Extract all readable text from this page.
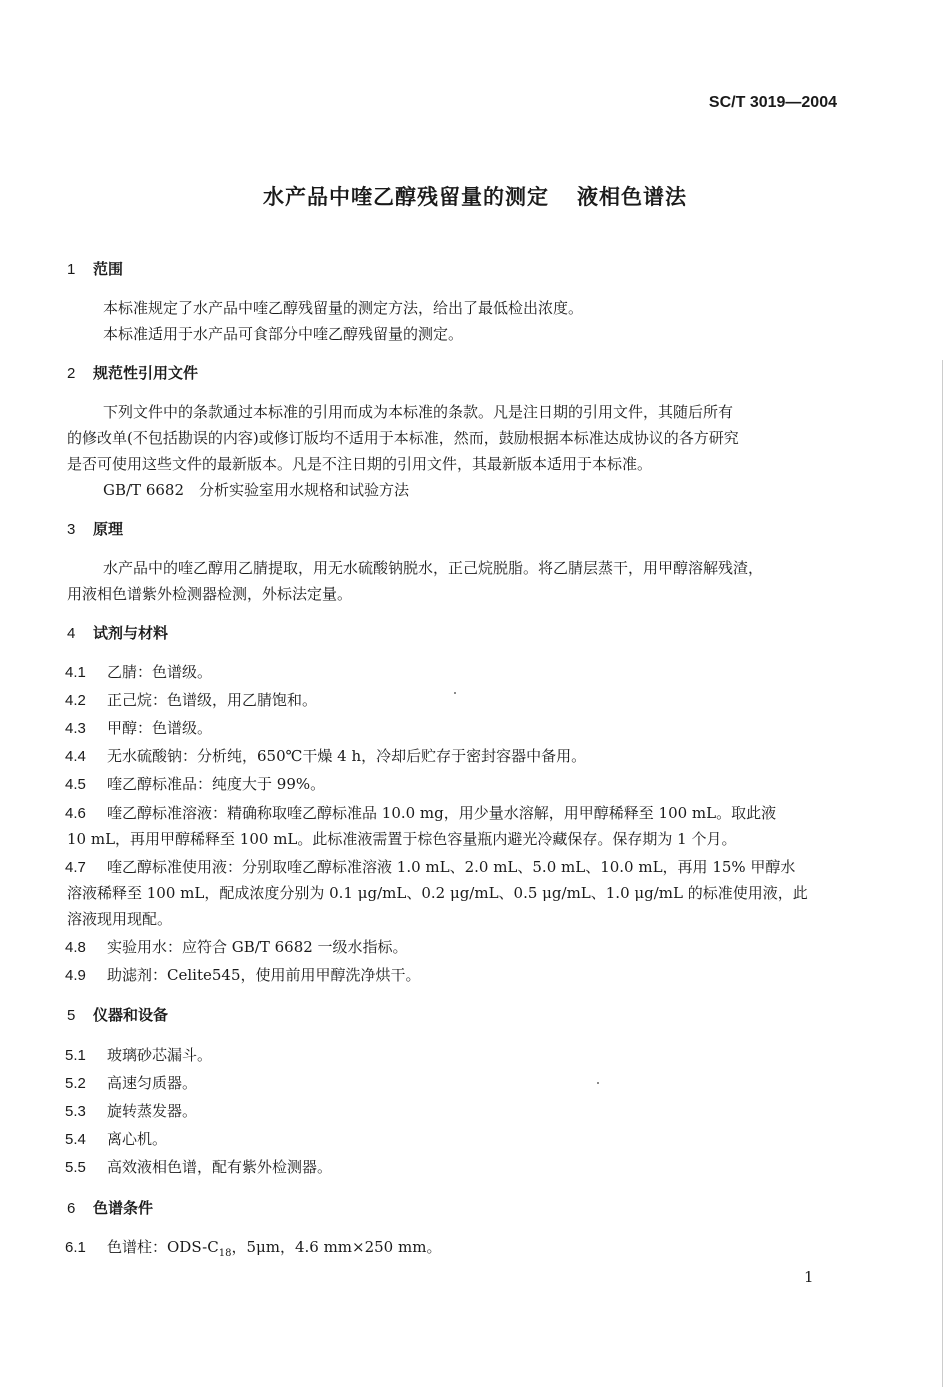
SC/T 3019—2004
水产品中喹乙醇残留量的测定 液相色谱法
1 范围
本标准规定了水产品中喹乙醇残留量的测定方法，给出了最低检出浓度。
本标准适用于水产品可食部分中喹乙醇残留量的测定。
2 规范性引用文件
下列文件中的条款通过本标准的引用而成为本标准的条款。凡是注日期的引用文件，其随后所有
的修改单(不包括勘误的内容)或修订版均不适用于本标准，然而，鼓励根据本标准达成协议的各方研究
是否可使用这些文件的最新版本。凡是不注日期的引用文件，其最新版本适用于本标准。
GB/T 6682　分析实验室用水规格和试验方法
3 原理
水产品中的喹乙醇用乙腈提取，用无水硫酸钠脱水，正己烷脱脂。将乙腈层蒸干，用甲醇溶解残渣，
用液相色谱紫外检测器检测，外标法定量。
4 试剂与材料
4.1 乙腈：色谱级。
4.2 正己烷：色谱级，用乙腈饱和。
4.3 甲醇：色谱级。
4.4 无水硫酸钠：分析纯，650℃干燥 4 h，冷却后贮存于密封容器中备用。
4.5 喹乙醇标准品：纯度大于 99%。
4.6 喹乙醇标准溶液：精确称取喹乙醇标准品 10.0 mg，用少量水溶解，用甲醇稀释至 100 mL。取此液
10 mL，再用甲醇稀释至 100 mL。此标准液需置于棕色容量瓶内避光冷藏保存。保存期为 1 个月。
4.7 喹乙醇标准使用液：分别取喹乙醇标准溶液 1.0 mL、2.0 mL、5.0 mL、10.0 mL，再用 15% 甲醇水
溶液稀释至 100 mL，配成浓度分别为 0.1 μg/mL、0.2 μg/mL、0.5 μg/mL、1.0 μg/mL 的标准使用液，此
溶液现用现配。
4.8 实验用水：应符合 GB/T 6682 一级水指标。
4.9 助滤剂：Celite545，使用前用甲醇洗净烘干。
5 仪器和设备
5.1 玻璃砂芯漏斗。
5.2 高速匀质器。
5.3 旋转蒸发器。
5.4 离心机。
5.5 高效液相色谱，配有紫外检测器。
6 色谱条件
6.1 色谱柱：ODS-$C_{18}$，5μm，4.6 mm×250 mm。
1
